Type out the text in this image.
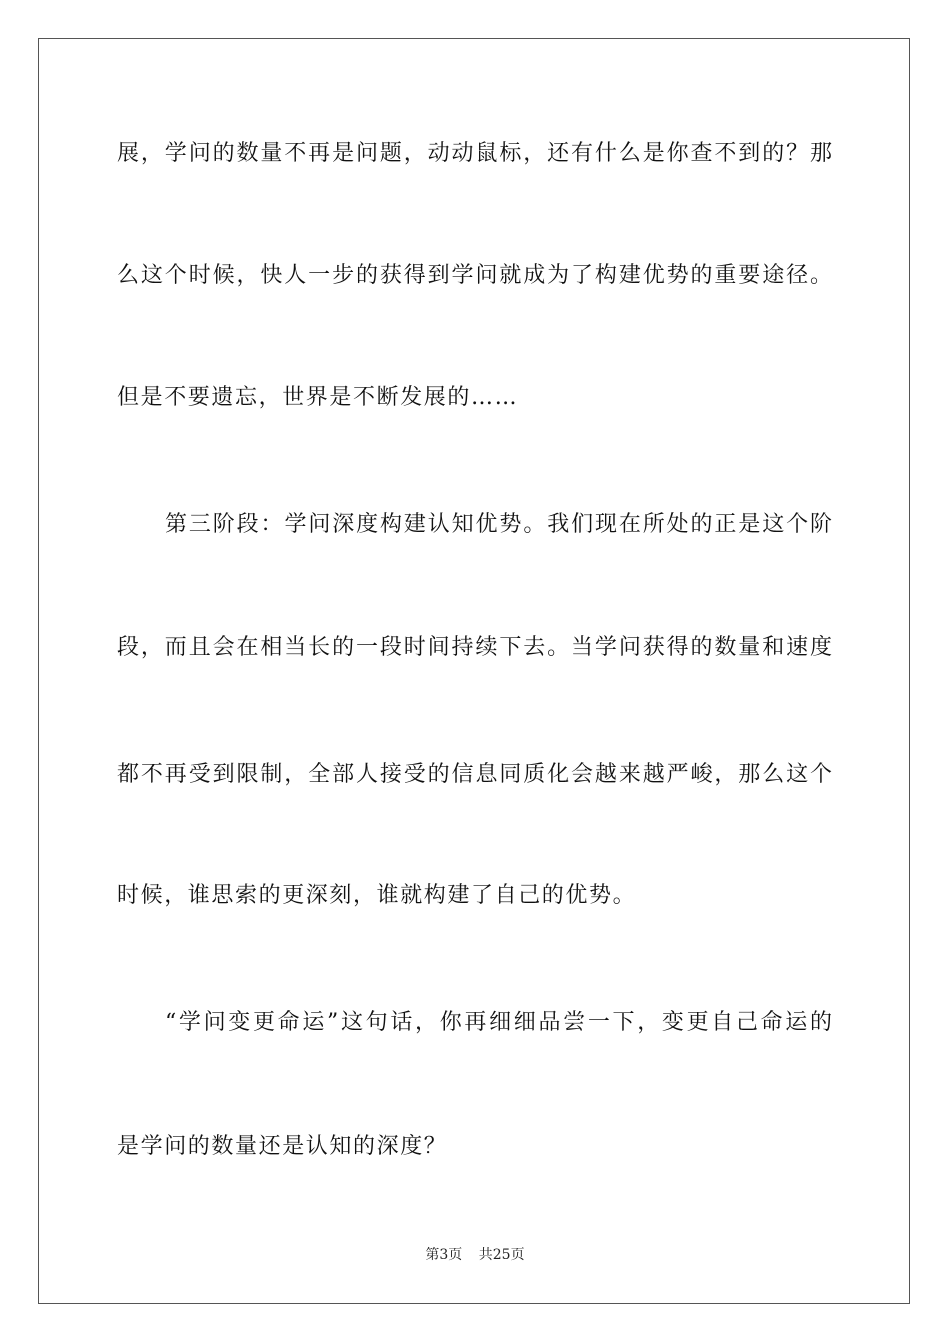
展，学问的数量不再是问题，动动鼠标，还有什么是你查不到的？那
么这个时候，快人一步的获得到学问就成为了构建优势的重要途径。
但是不要遗忘，世界是不断发展的……
第三阶段：学问深度构建认知优势。我们现在所处的正是这个阶
段，而且会在相当长的一段时间持续下去。当学问获得的数量和速度
都不再受到限制，全部人接受的信息同质化会越来越严峻，那么这个
时候，谁思索的更深刻，谁就构建了自己的优势。
“学问变更命运”这句话，你再细细品尝一下，变更自己命运的
是学问的数量还是认知的深度？
第3页 共25页
